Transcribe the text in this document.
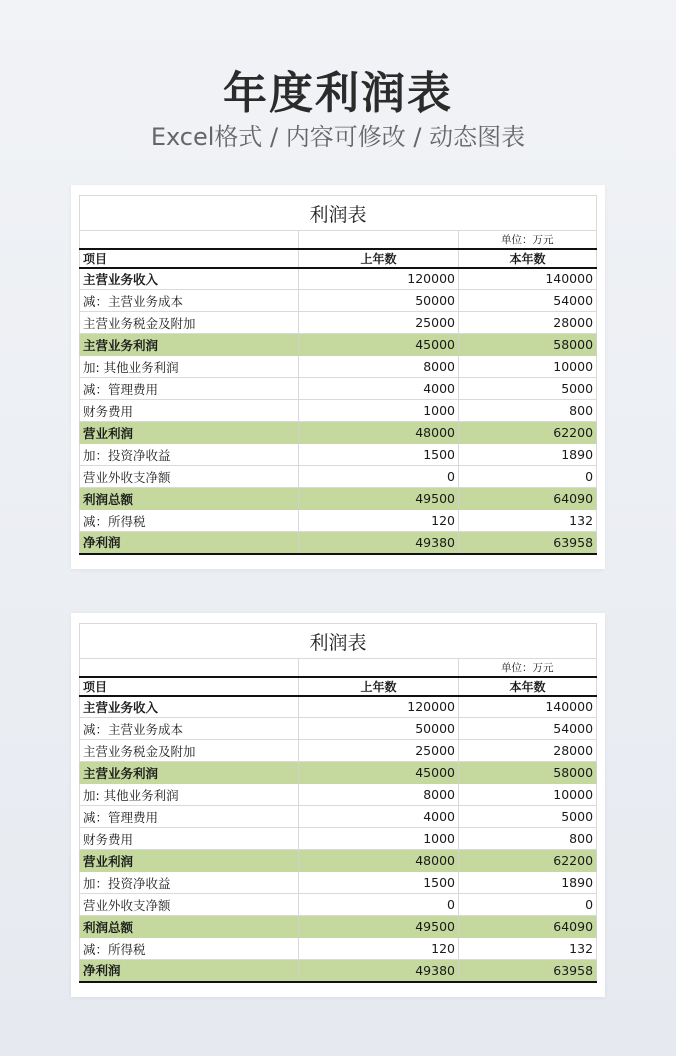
年度利润表
Excel格式 / 内容可修改 / 动态图表
利润表		
		单位：万元
项目	上年数	本年数
主营业务收入	120000	140000
减：主营业务成本	50000	54000
主营业务税金及附加	25000	28000
主营业务利润	45000	58000
加: 其他业务利润	8000	10000
减：管理费用	4000	5000
财务费用	1000	800
营业利润	48000	62200
加：投资净收益	1500	1890
营业外收支净额	0	0
利润总额	49500	64090
减：所得税	120	132
净利润	49380	63958
利润表		
		单位：万元
项目	上年数	本年数
主营业务收入	120000	140000
减：主营业务成本	50000	54000
主营业务税金及附加	25000	28000
主营业务利润	45000	58000
加: 其他业务利润	8000	10000
减：管理费用	4000	5000
财务费用	1000	800
营业利润	48000	62200
加：投资净收益	1500	1890
营业外收支净额	0	0
利润总额	49500	64090
减：所得税	120	132
净利润	49380	63958
